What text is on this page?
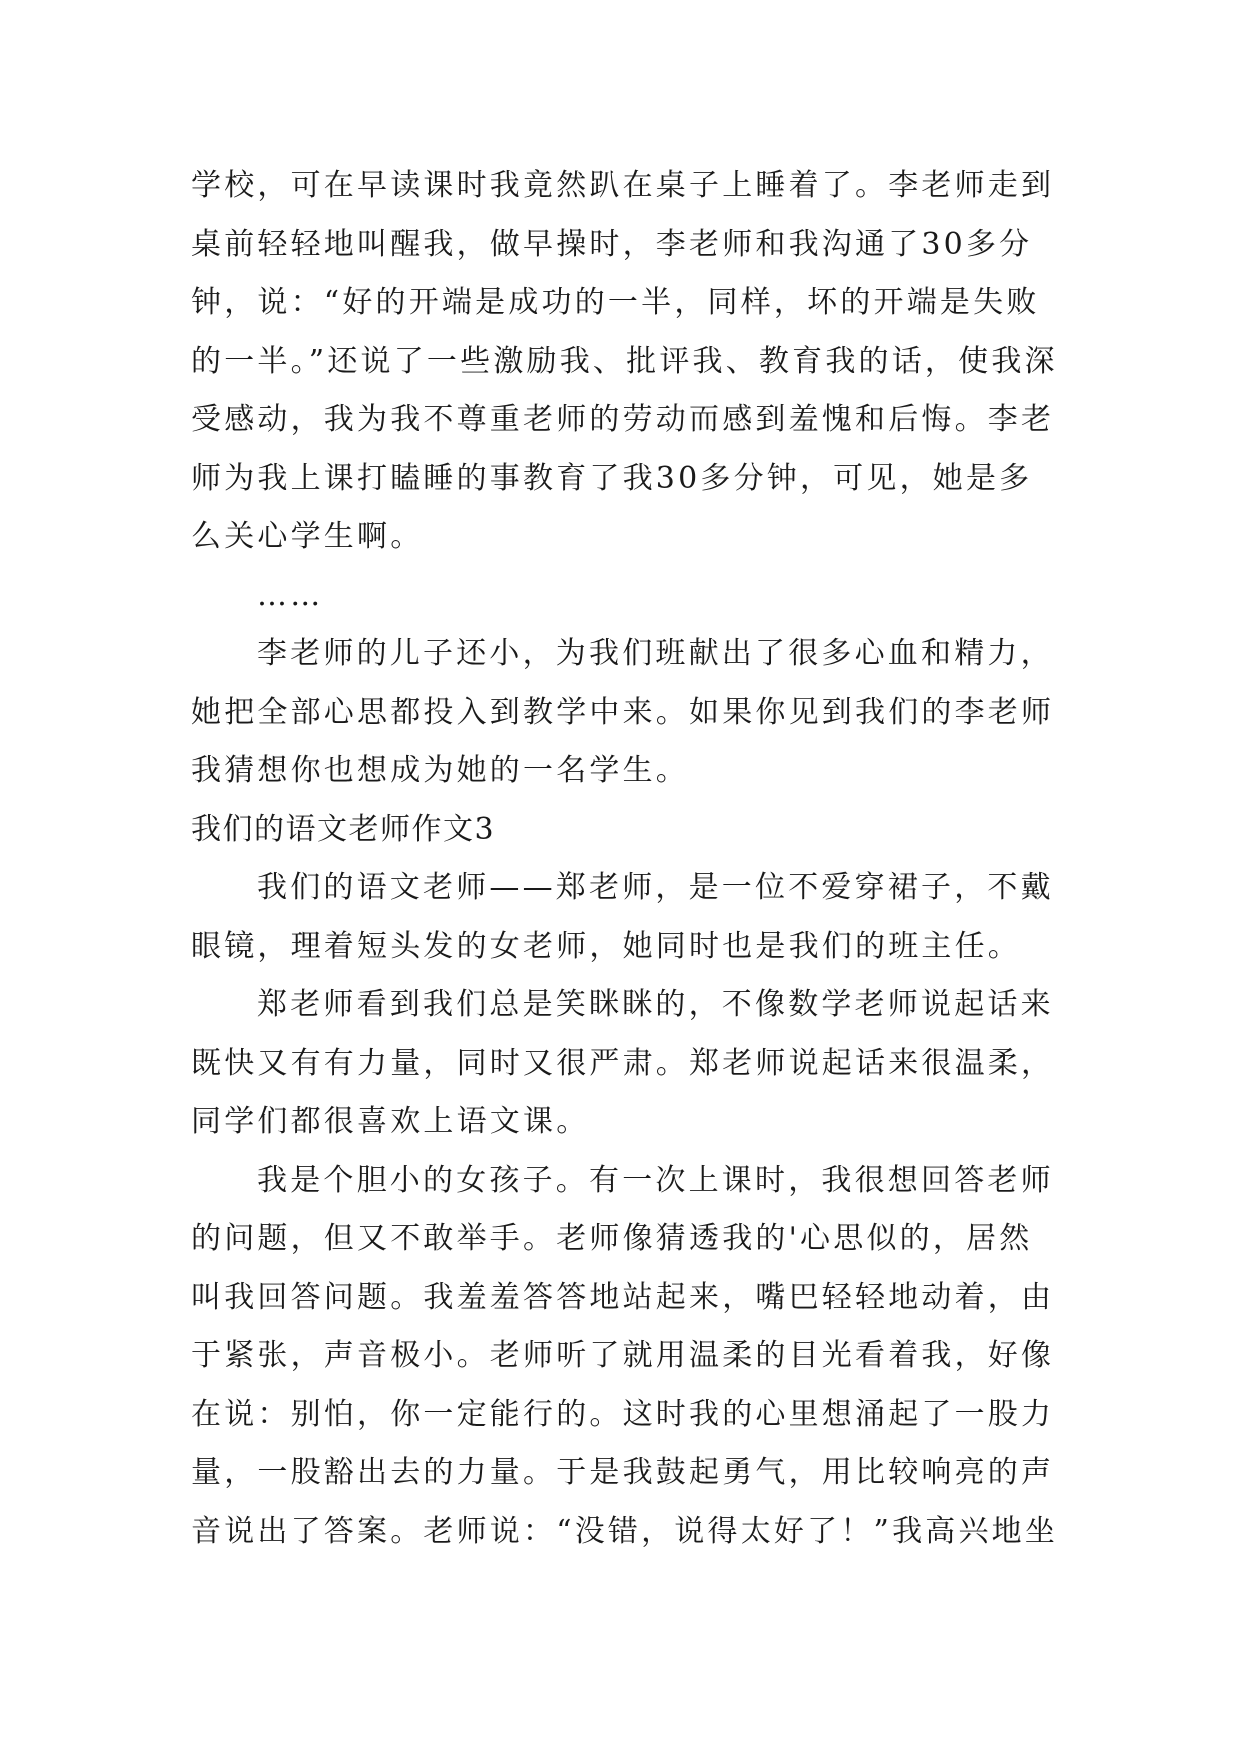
学校，可在早读课时我竟然趴在桌子上睡着了。李老师走到桌前轻轻地叫醒我，做早操时，李老师和我沟通了30多分钟，说：“好的开端是成功的一半，同样，坏的开端是失败的一半。”还说了一些激励我、批评我、教育我的话，使我深受感动，我为我不尊重老师的劳动而感到羞愧和后悔。李老师为我上课打瞌睡的事教育了我30多分钟，可见，她是多么关心学生啊。

……

李老师的儿子还小，为我们班献出了很多心血和精力，她把全部心思都投入到教学中来。如果你见到我们的李老师我猜想你也想成为她的一名学生。

我们的语文老师作文3

我们的语文老师——郑老师，是一位不爱穿裙子，不戴眼镜，理着短头发的女老师，她同时也是我们的班主任。

郑老师看到我们总是笑眯眯的，不像数学老师说起话来既快又有有力量，同时又很严肃。郑老师说起话来很温柔，同学们都很喜欢上语文课。

我是个胆小的女孩子。有一次上课时，我很想回答老师的问题，但又不敢举手。老师像猜透我的'心思似的，居然叫我回答问题。我羞羞答答地站起来，嘴巴轻轻地动着，由于紧张，声音极小。老师听了就用温柔的目光看着我，好像在说：别怕，你一定能行的。这时我的心里想涌起了一股力量，一股豁出去的力量。于是我鼓起勇气，用比较响亮的声音说出了答案。老师说：“没错，说得太好了！”我高兴地坐
